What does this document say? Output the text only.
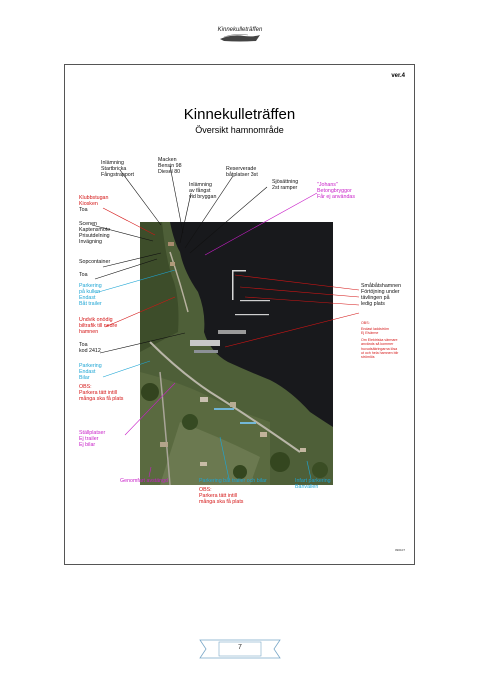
Kinnekulleträffen
ver.4
Kinnekulleträffen
Översikt hamnområde
Inlämning
Startbricka
Fångstrapport
Macken
Bensin 98
Diesel 80
Inlämning
av fångst
vid bryggan
Reserverade
båtplatser 3st
Sjösättning
2st ramper	"Johans"
Betongbryggor
Får ej användas
Klubbstugan
Kiosken
Toa
Scenen
Kaptensmöte
Prisutdelning
Invägning
Sopcontainer
Toa
Parkering
på kullen
Endast
Båt trailer
Undvik onödig
biltrafik till nedre
hamnen
Toa
kod 2412
Parkering
Endast
Bilar
OBS:
Parkera tätt intill
många ska få plats
Ställplatser
Ej trailer
Ej bilar
Småbåtshamnen
Förtöjning under
tävlingen på
ledig plats
OBS:
Endast laddström
Ej Elvärme
Om Elektriska värmare
används så kommer
huvudsäkringarna lösa
ut och hela hamnen blir
strömlös
Genomfart avstängd	Parkering båt trailer och bilar
OBS:
Parkera tätt intill
många ska få plats
Infart parkering
Banvallen
090107
7
